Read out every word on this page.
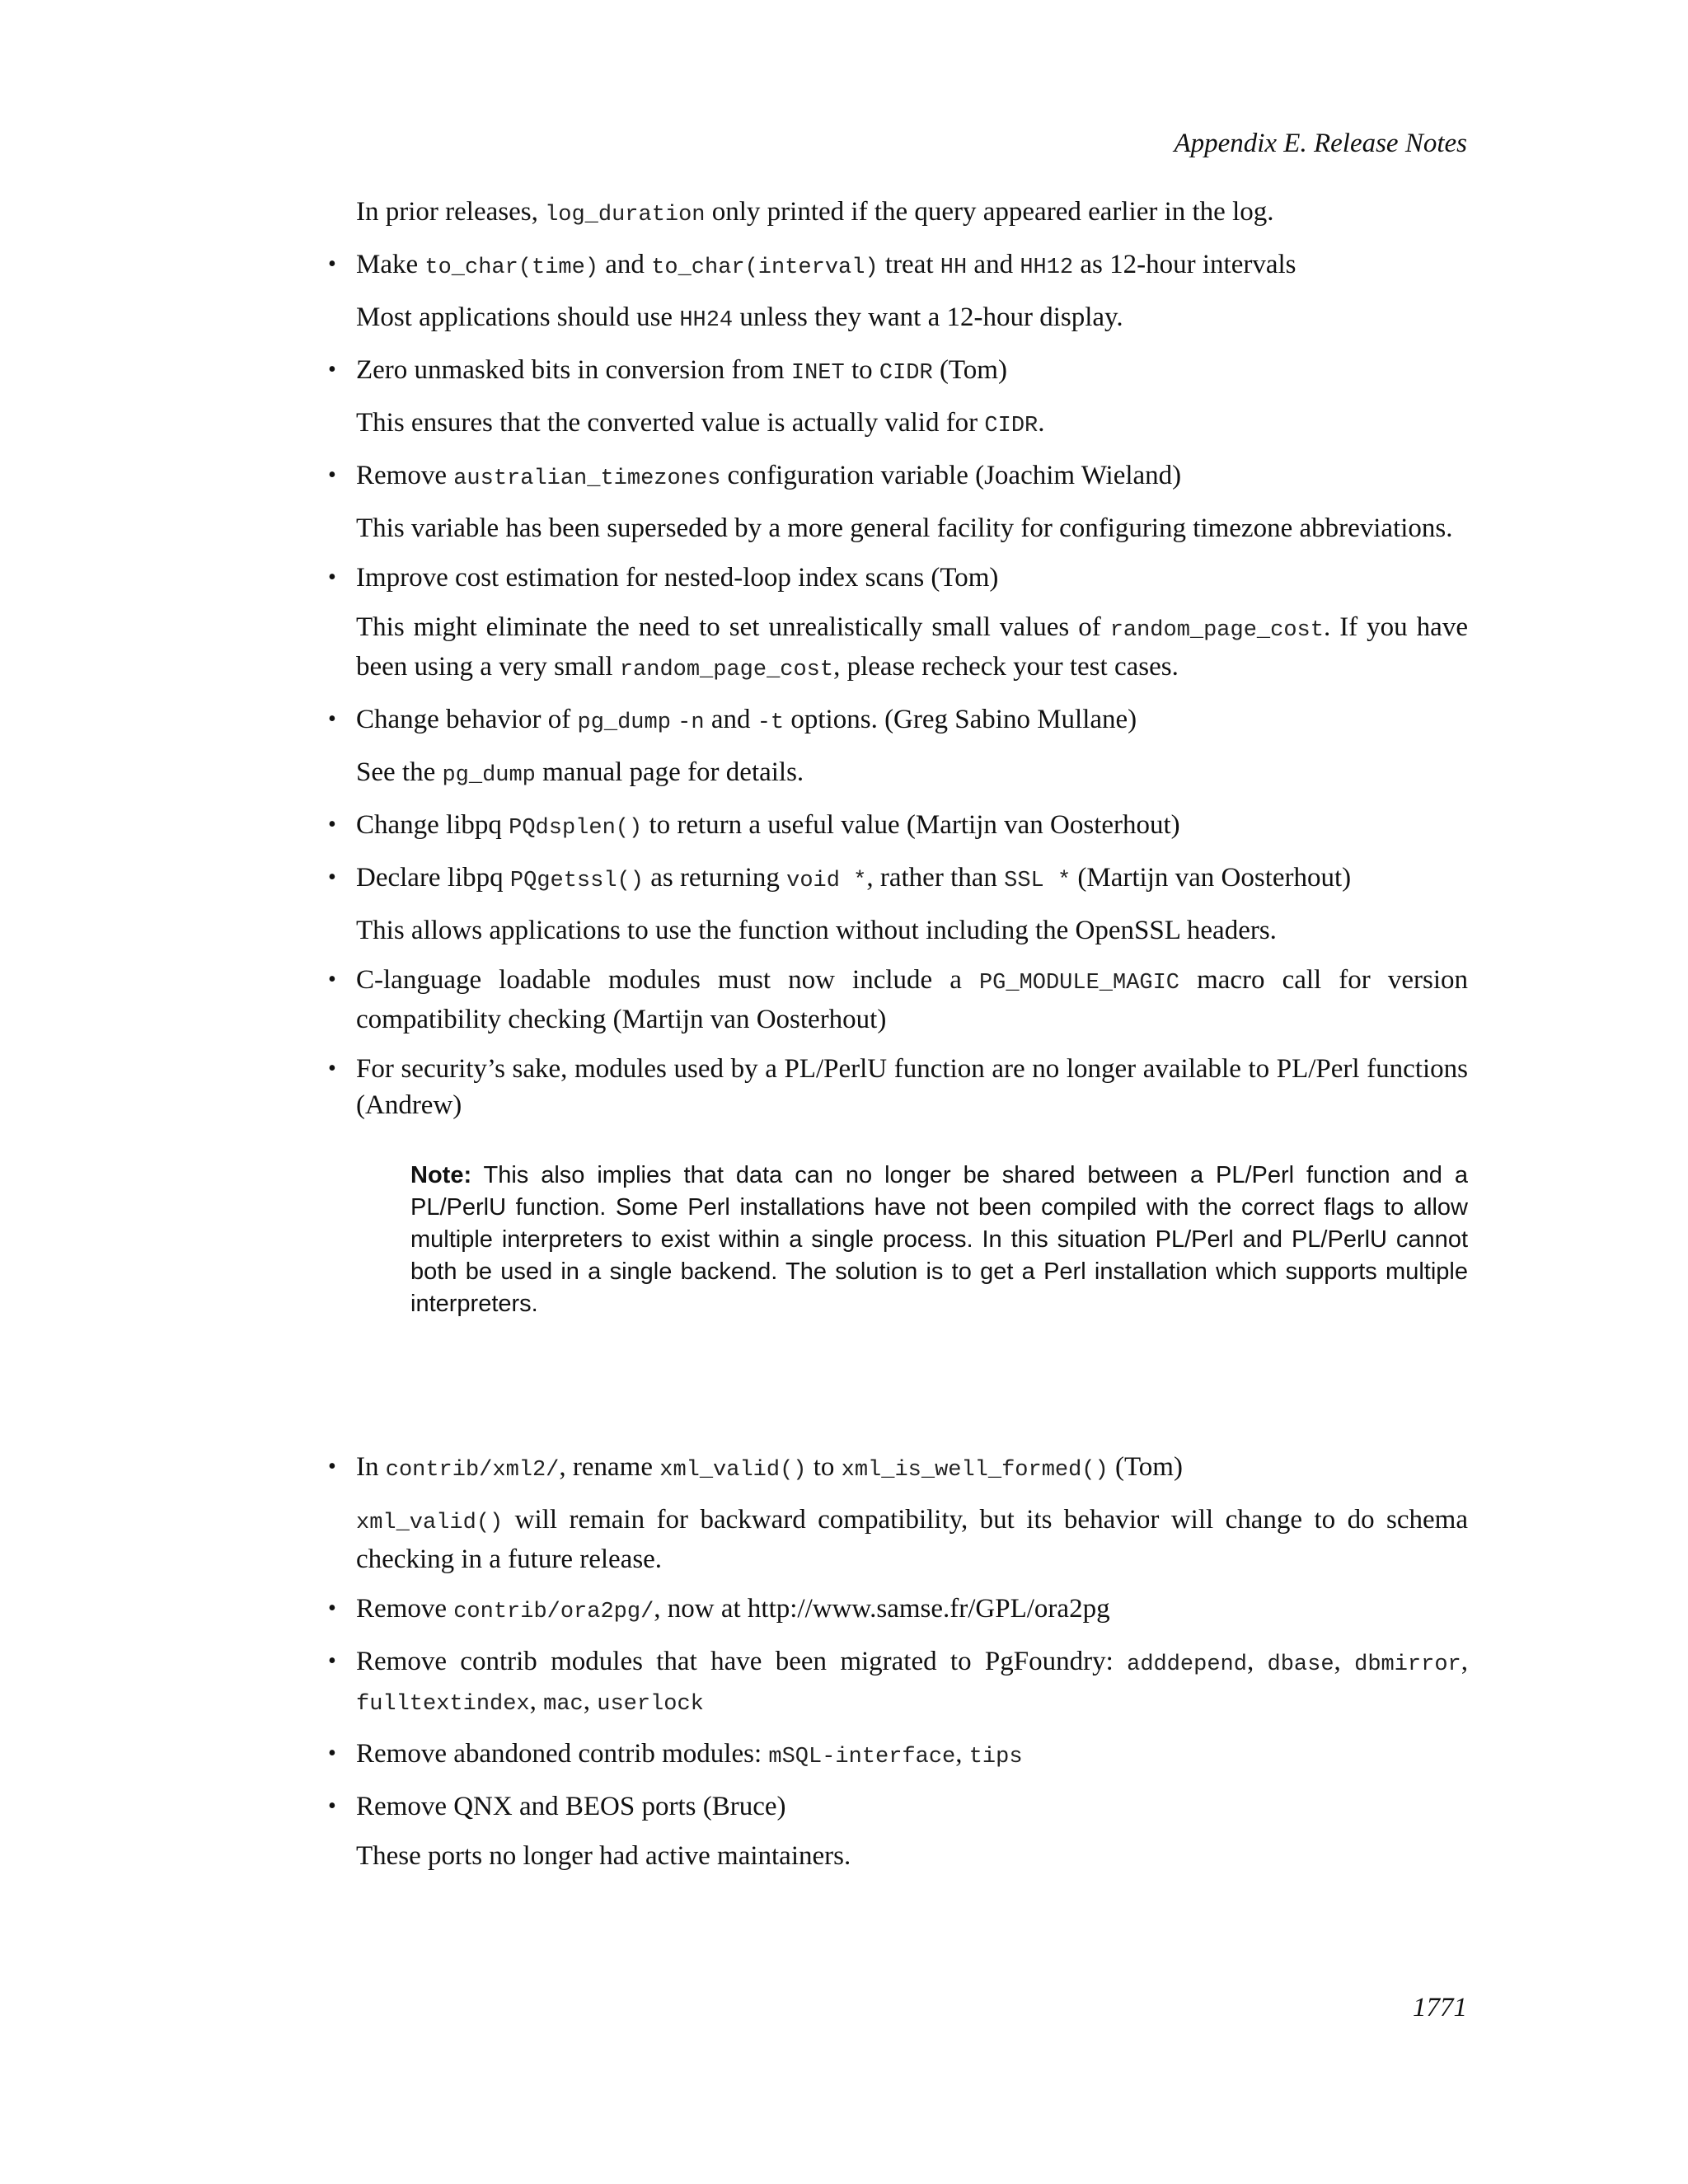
Appendix E. Release Notes

In prior releases, log_duration only printed if the query appeared earlier in the log.

• Make to_char(time) and to_char(interval) treat HH and HH12 as 12-hour intervals

Most applications should use HH24 unless they want a 12-hour display.

• Zero unmasked bits in conversion from INET to CIDR (Tom)

This ensures that the converted value is actually valid for CIDR.

• Remove australian_timezones configuration variable (Joachim Wieland)

This variable has been superseded by a more general facility for configuring timezone abbreviations.

• Improve cost estimation for nested-loop index scans (Tom)

This might eliminate the need to set unrealistically small values of random_page_cost. If you have been using a very small random_page_cost, please recheck your test cases.

• Change behavior of pg_dump -n and -t options. (Greg Sabino Mullane)

See the pg_dump manual page for details.

• Change libpq PQdsplen() to return a useful value (Martijn van Oosterhout)
• Declare libpq PQgetssl() as returning void *, rather than SSL * (Martijn van Oosterhout)

This allows applications to use the function without including the OpenSSL headers.

• C-language loadable modules must now include a PG_MODULE_MAGIC macro call for version compatibility checking (Martijn van Oosterhout)
• For security’s sake, modules used by a PL/PerlU function are no longer available to PL/Perl functions (Andrew)
Note: This also implies that data can no longer be shared between a PL/Perl function and a PL/PerlU function. Some Perl installations have not been compiled with the correct flags to allow multiple interpreters to exist within a single process. In this situation PL/Perl and PL/PerlU cannot both be used in a single backend. The solution is to get a Perl installation which supports multiple interpreters.
• In contrib/xml2/, rename xml_valid() to xml_is_well_formed() (Tom)

xml_valid() will remain for backward compatibility, but its behavior will change to do schema checking in a future release.

• Remove contrib/ora2pg/, now at http://www.samse.fr/GPL/ora2pg
• Remove contrib modules that have been migrated to PgFoundry: adddepend, dbase, dbmirror, fulltextindex, mac, userlock
• Remove abandoned contrib modules: mSQL-interface, tips
• Remove QNX and BEOS ports (Bruce)

These ports no longer had active maintainers.

1771
